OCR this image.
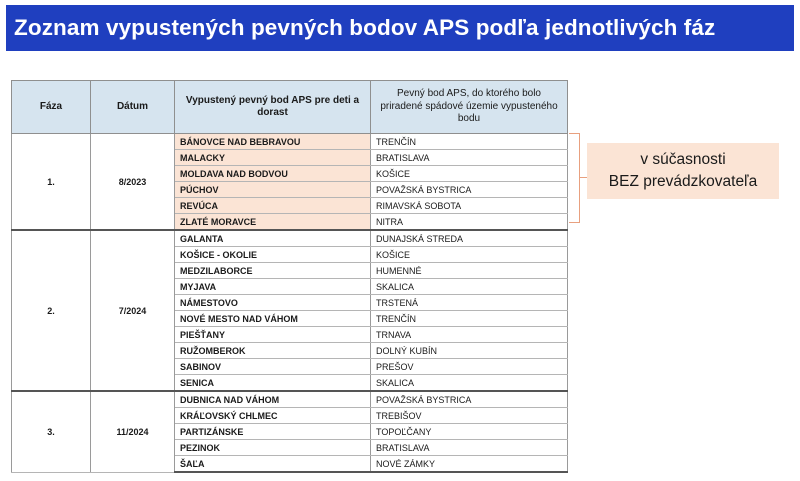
Zoznam vypustených pevných bodov APS podľa jednotlivých fáz
Fáza	Dátum	Vypustený pevný bod APS pre deti a dorast	Pevný bod APS, do ktorého bolo priradené spádové územie vypusteného bodu
1.	8/2023	BÁNOVCE NAD BEBRAVOU	TRENČÍN
		MALACKY	BRATISLAVA
		MOLDAVA NAD BODVOU	KOŠICE
		PÚCHOV	POVAŽSKÁ BYSTRICA
		REVÚCA	RIMAVSKÁ SOBOTA
		ZLATÉ MORAVCE	NITRA
2.	7/2024	GALANTA	DUNAJSKÁ STREDA
		KOŠICE - OKOLIE	KOŠICE
		MEDZILABORCE	HUMENNÉ
		MYJAVA	SKALICA
		NÁMESTOVO	TRSTENÁ
		NOVÉ MESTO NAD VÁHOM	TRENČÍN
		PIEŠŤANY	TRNAVA
		RUŽOMBEROK	DOLNÝ KUBÍN
		SABINOV	PREŠOV
		SENICA	SKALICA
3.	11/2024	DUBNICA NAD VÁHOM	POVAŽSKÁ BYSTRICA
		KRÁĽOVSKÝ CHLMEC	TREBIŠOV
		PARTIZÁNSKE	TOPOĽČANY
		PEZINOK	BRATISLAVA
		ŠAĽA	NOVÉ ZÁMKY
v súčasnosti
BEZ prevádzkovateľa
